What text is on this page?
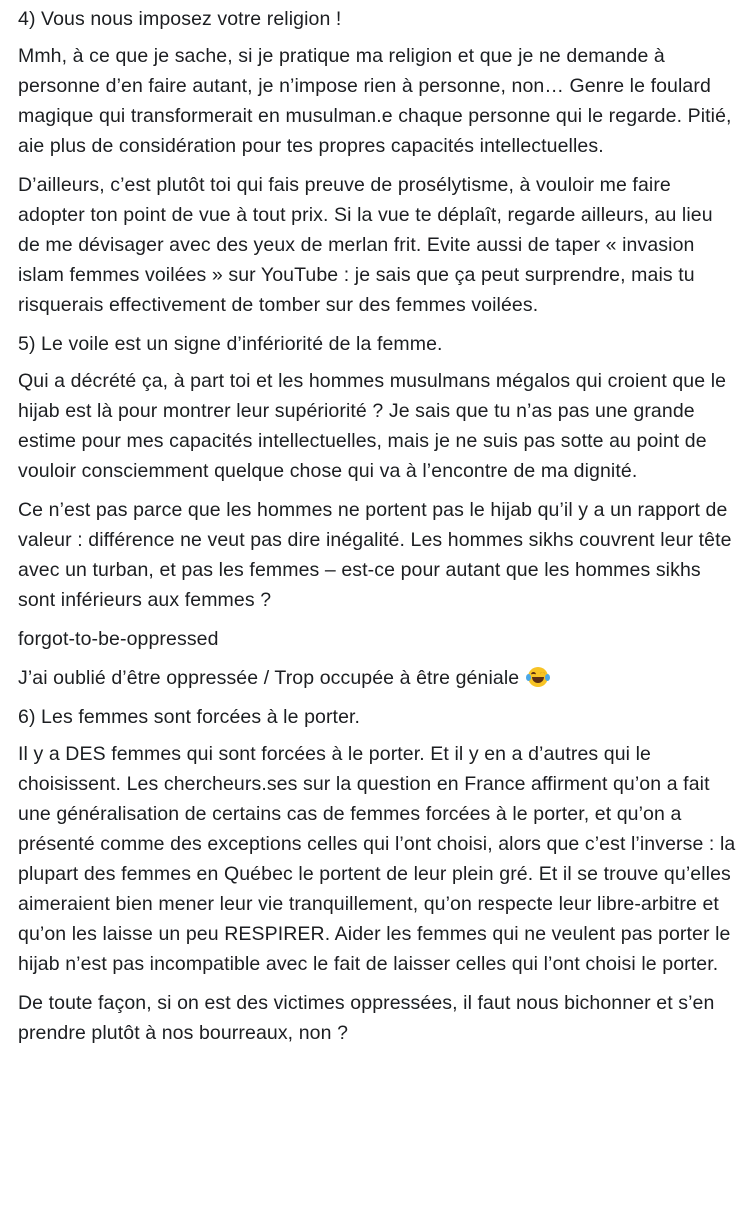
4) Vous nous imposez votre religion !

Mmh, à ce que je sache, si je pratique ma religion et que je ne demande à personne d’en faire autant, je n’impose rien à personne, non… Genre le foulard magique qui transformerait en musulman.e chaque personne qui le regarde. Pitié, aie plus de considération pour tes propres capacités intellectuelles.

D’ailleurs, c’est plutôt toi qui fais preuve de prosélytisme, à vouloir me faire adopter ton point de vue à tout prix. Si la vue te déplaît, regarde ailleurs, au lieu de me dévisager avec des yeux de merlan frit. Evite aussi de taper « invasion islam femmes voilées » sur YouTube : je sais que ça peut surprendre, mais tu risquerais effectivement de tomber sur des femmes voilées.

5) Le voile est un signe d’infériorité de la femme.

Qui a décrété ça, à part toi et les hommes musulmans mégalos qui croient que le hijab est là pour montrer leur supériorité ? Je sais que tu n’as pas une grande estime pour mes capacités intellectuelles, mais je ne suis pas sotte au point de vouloir consciemment quelque chose qui va à l’encontre de ma dignité.

Ce n’est pas parce que les hommes ne portent pas le hijab qu’il y a un rapport de valeur : différence ne veut pas dire inégalité. Les hommes sikhs couvrent leur tête avec un turban, et pas les femmes – est-ce pour autant que les hommes sikhs sont inférieurs aux femmes ?

forgot-to-be-oppressed

J’ai oublié d’être oppressée / Trop occupée à être géniale

6) Les femmes sont forcées à le porter.

Il y a DES femmes qui sont forcées à le porter. Et il y en a d’autres qui le choisissent. Les chercheurs.ses sur la question en France affirment qu’on a fait une généralisation de certains cas de femmes forcées à le porter, et qu’on a présenté comme des exceptions celles qui l’ont choisi, alors que c’est l’inverse : la plupart des femmes en Québec le portent de leur plein gré. Et il se trouve qu’elles aimeraient bien mener leur vie tranquillement, qu’on respecte leur libre-arbitre et qu’on les laisse un peu RESPIRER. Aider les femmes qui ne veulent pas porter le hijab n’est pas incompatible avec le fait de laisser celles qui l’ont choisi le porter.

De toute façon, si on est des victimes oppressées, il faut nous bichonner et s’en prendre plutôt à nos bourreaux, non ?
